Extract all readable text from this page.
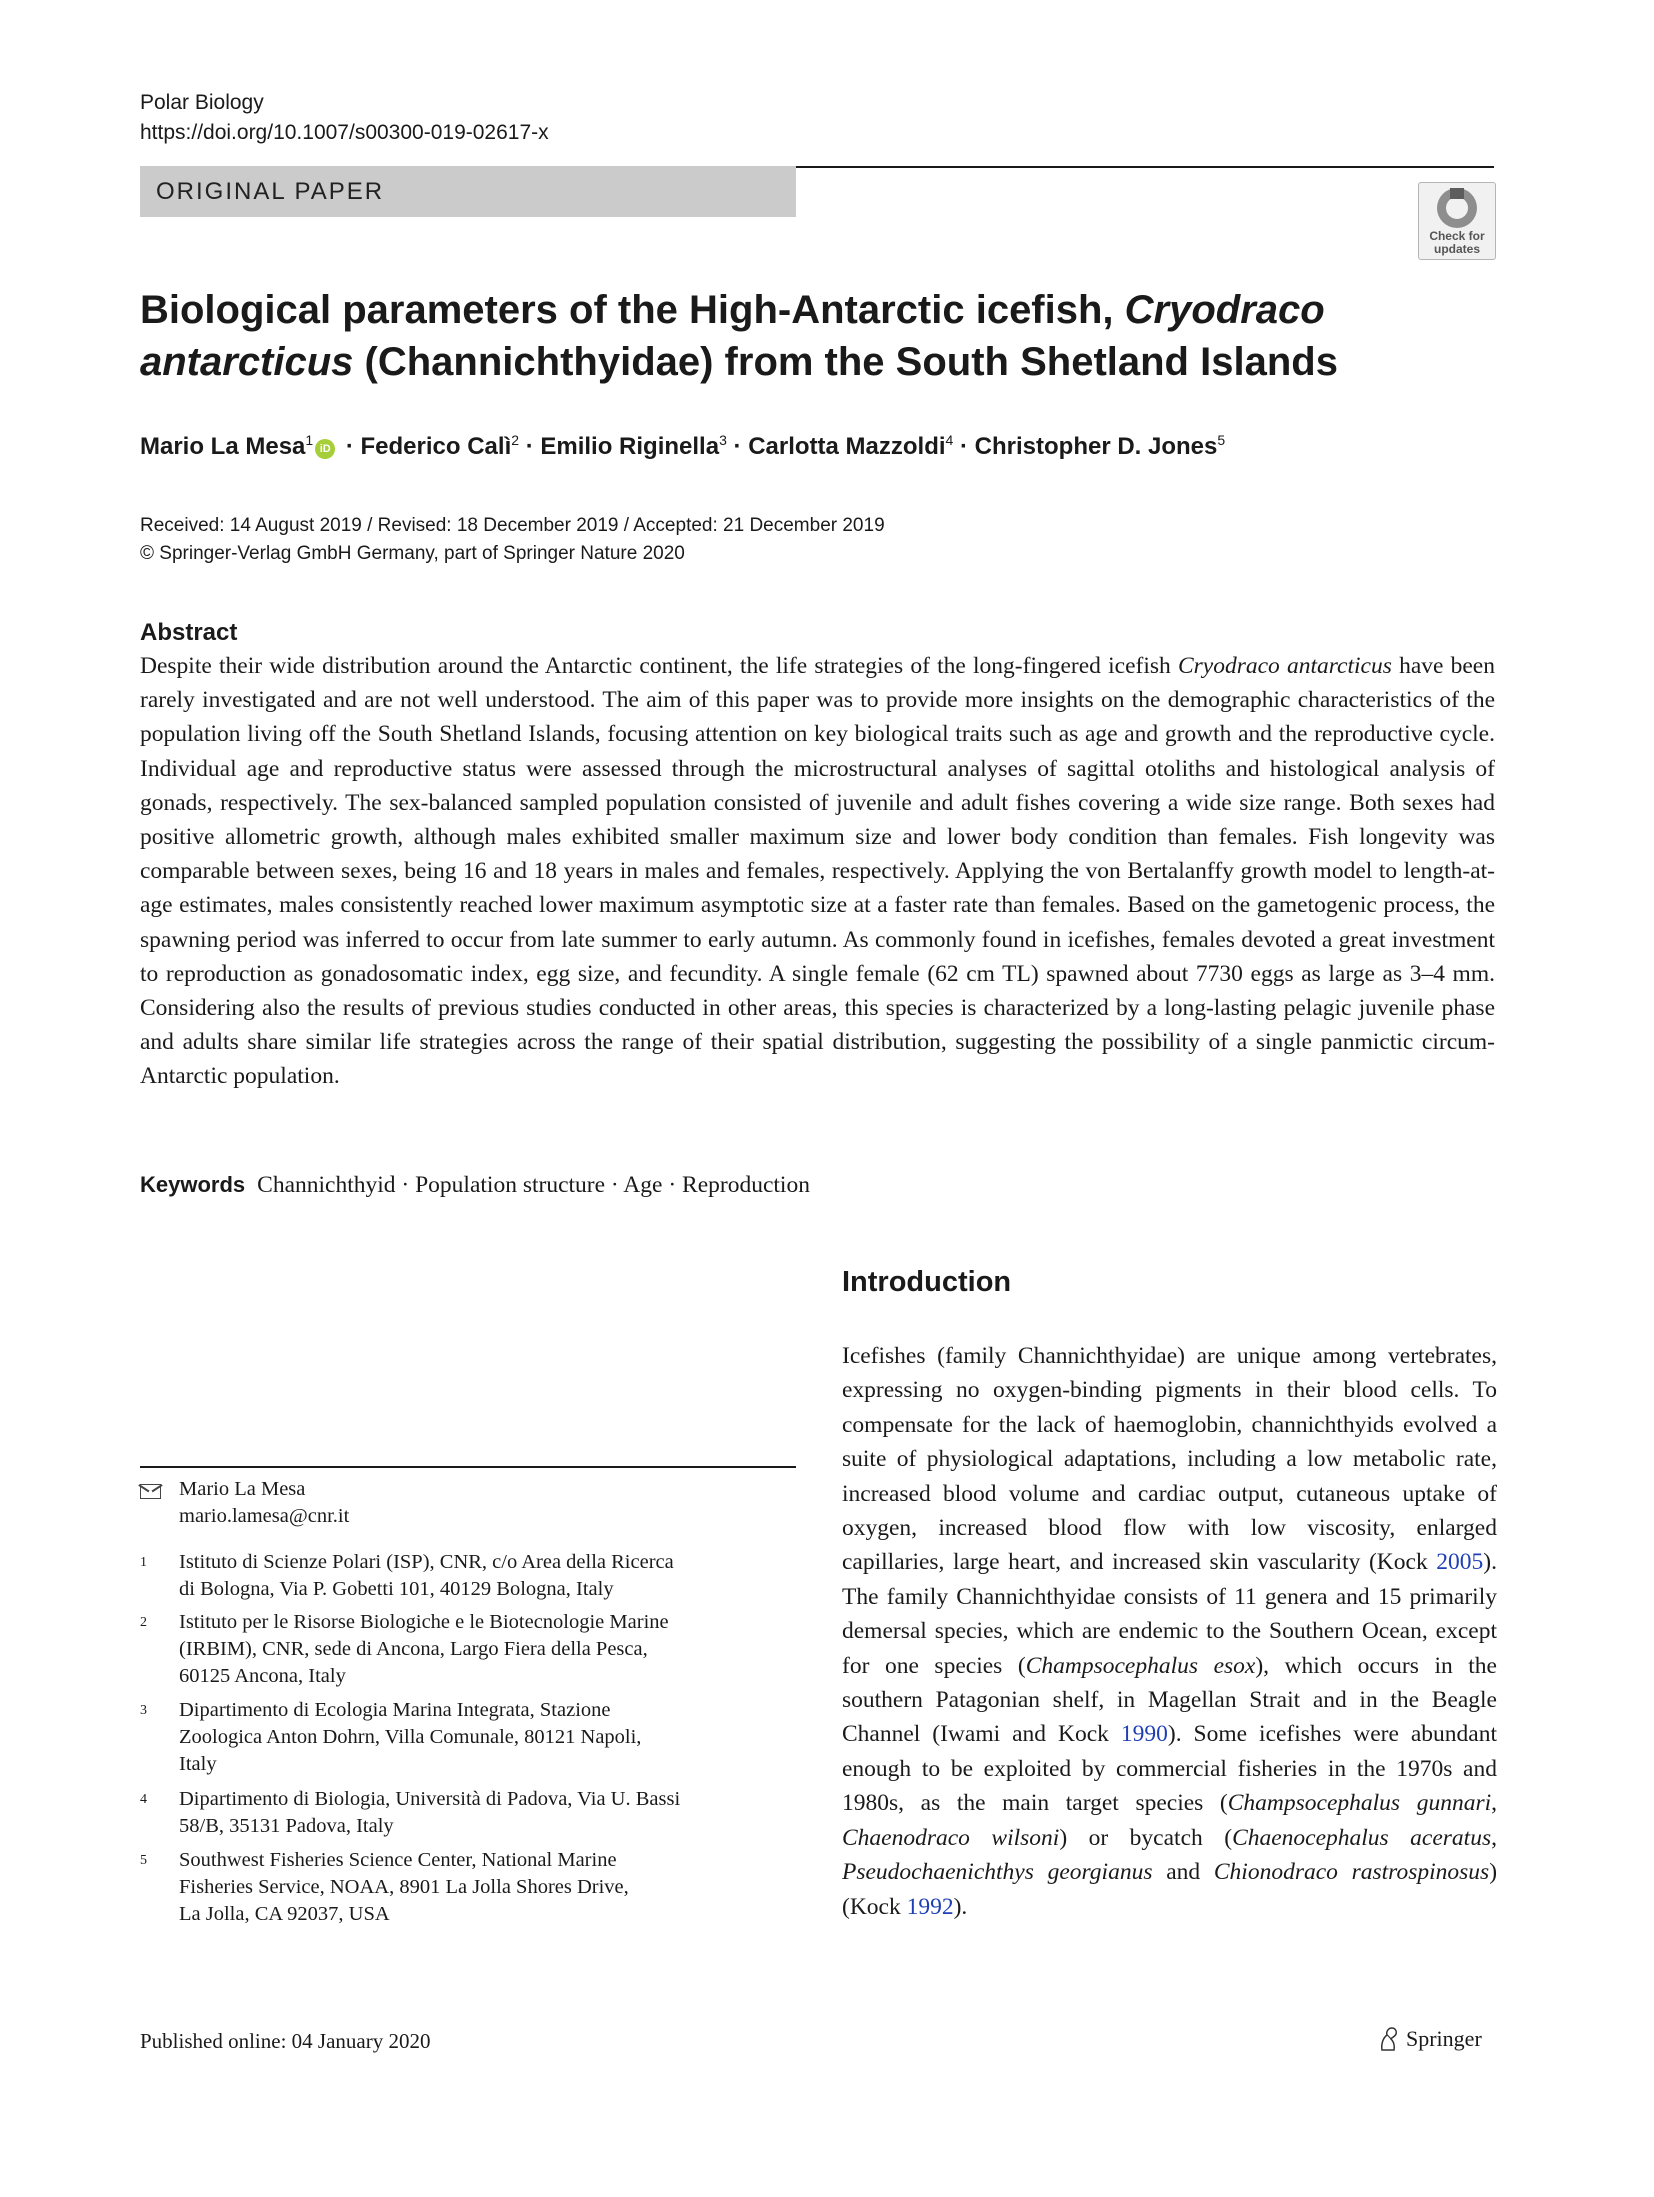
Polar Biology
https://doi.org/10.1007/s00300-019-02617-x
ORIGINAL PAPER
Check for
updates
Biological parameters of the High-Antarctic icefish, Cryodraco antarcticus (Channichthyidae) from the South Shetland Islands
Mario La Mesa$^1$iD · Federico Calì$^2$ · Emilio Riginella$^3$ · Carlotta Mazzoldi$^4$ · Christopher D. Jones$^5$
Received: 14 August 2019 / Revised: 18 December 2019 / Accepted: 21 December 2019
© Springer-Verlag GmbH Germany, part of Springer Nature 2020
Abstract
Despite their wide distribution around the Antarctic continent, the life strategies of the long-fingered icefish Cryodraco antarcticus have been rarely investigated and are not well understood. The aim of this paper was to provide more insights on the demographic characteristics of the population living off the South Shetland Islands, focusing attention on key biological traits such as age and growth and the reproductive cycle. Individual age and reproductive status were assessed through the microstructural analyses of sagittal otoliths and histological analysis of gonads, respectively. The sex-balanced sampled population consisted of juvenile and adult fishes covering a wide size range. Both sexes had positive allometric growth, although males exhibited smaller maximum size and lower body condition than females. Fish longevity was comparable between sexes, being 16 and 18 years in males and females, respectively. Applying the von Bertalanffy growth model to length-at-age estimates, males consistently reached lower maximum asymptotic size at a faster rate than females. Based on the gametogenic process, the spawning period was inferred to occur from late summer to early autumn. As commonly found in icefishes, females devoted a great investment to reproduction as gonadosomatic index, egg size, and fecundity. A single female (62 cm TL) spawned about 7730 eggs as large as 3–4 mm. Considering also the results of previous studies conducted in other areas, this species is characterized by a long-lasting pelagic juvenile phase and adults share similar life strategies across the range of their spatial distribution, suggesting the possibility of a single panmictic circum-Antarctic population.
Keywords Channichthyid · Population structure · Age · Reproduction
Introduction
Icefishes (family Channichthyidae) are unique among vertebrates, expressing no oxygen-binding pigments in their blood cells. To compensate for the lack of haemoglobin, channichthyids evolved a suite of physiological adaptations, including a low metabolic rate, increased blood volume and cardiac output, cutaneous uptake of oxygen, increased blood flow with low viscosity, enlarged capillaries, large heart, and increased skin vascularity (Kock 2005). The family Channichthyidae consists of 11 genera and 15 primarily demersal species, which are endemic to the Southern Ocean, except for one species (Champsocephalus esox), which occurs in the southern Patagonian shelf, in Magellan Strait and in the Beagle Channel (Iwami and Kock 1990). Some icefishes were abundant enough to be exploited by commercial fisheries in the 1970s and 1980s, as the main target species (Champsocephalus gunnari, Chaenodraco wilsoni) or bycatch (Chaenocephalus aceratus, Pseudochaenichthys georgianus and Chionodraco rastrospinosus) (Kock 1992).
Mario La Mesa
mario.lamesa@cnr.it
1 Istituto di Scienze Polari (ISP), CNR, c/o Area della Ricerca
di Bologna, Via P. Gobetti 101, 40129 Bologna, Italy
2 Istituto per le Risorse Biologiche e le Biotecnologie Marine
(IRBIM), CNR, sede di Ancona, Largo Fiera della Pesca,
60125 Ancona, Italy
3 Dipartimento di Ecologia Marina Integrata, Stazione
Zoologica Anton Dohrn, Villa Comunale, 80121 Napoli,
Italy
4 Dipartimento di Biologia, Università di Padova, Via U. Bassi
58/B, 35131 Padova, Italy
5 Southwest Fisheries Science Center, National Marine
Fisheries Service, NOAA, 8901 La Jolla Shores Drive,
La Jolla, CA 92037, USA
Published online: 04 January 2020	Springer
